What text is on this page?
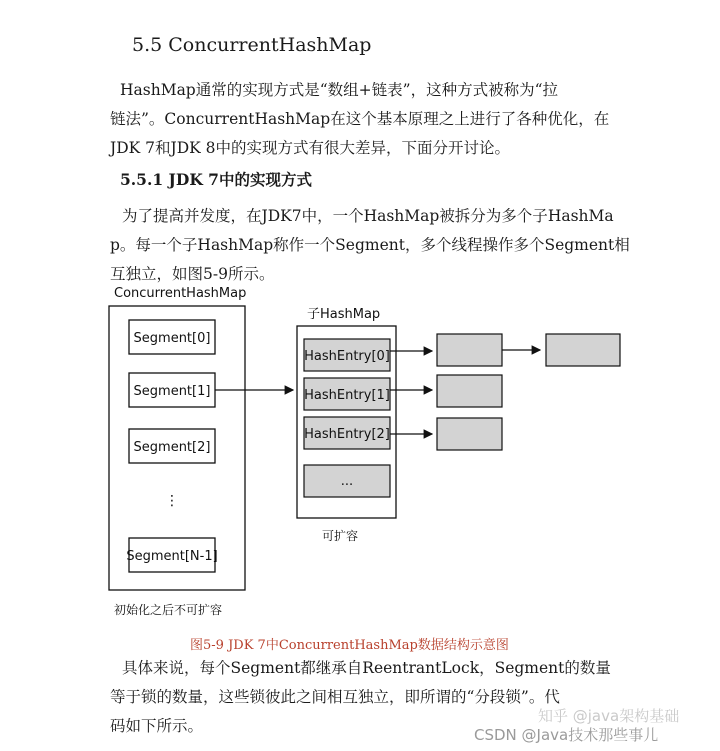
5.5 ConcurrentHashMap
HashMap通常的实现方式是“数组+链表”，这种方式被称为“拉
链法”。ConcurrentHashMap在这个基本原理之上进行了各种优化，在
JDK 7和JDK 8中的实现方式有很大差异，下面分开讨论。
5.5.1 JDK 7中的实现方式
为了提高并发度，在JDK7中，一个HashMap被拆分为多个子HashMa
p。每一个子HashMap称作一个Segment，多个线程操作多个Segment相
互独立，如图5-9所示。
ConcurrentHashMap
Segment[0]
Segment[1]
Segment[2]
⋮
Segment[N-1]
初始化之后不可扩容
子HashMap
HashEntry[0]
HashEntry[1]
HashEntry[2]
...
可扩容
图5-9 JDK 7中ConcurrentHashMap数据结构示意图
具体来说，每个Segment都继承自ReentrantLock，Segment的数量
等于锁的数量，这些锁彼此之间相互独立，即所谓的“分段锁”。代
码如下所示。
知乎 @java架构基础
CSDN @Java技术那些事儿
